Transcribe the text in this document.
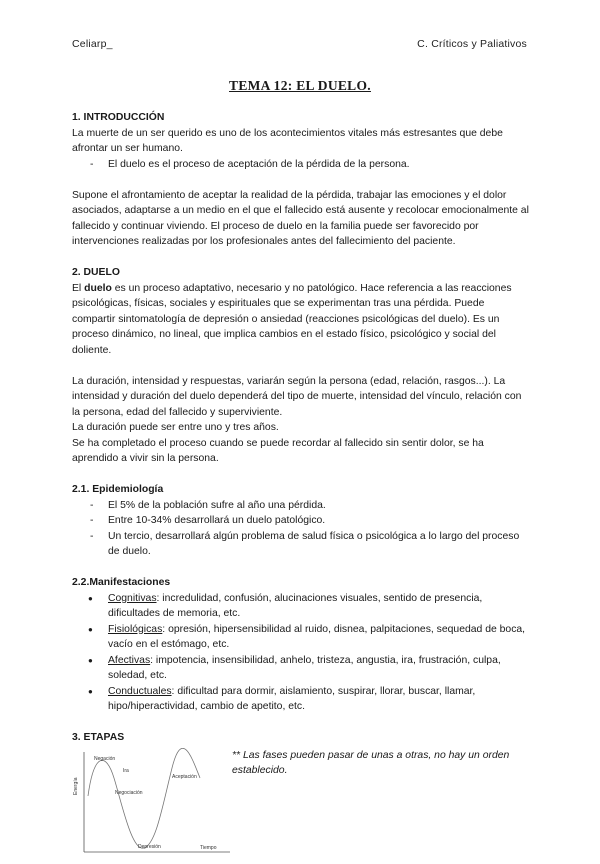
Celiarp_	C. Críticos y Paliativos
TEMA 12: EL DUELO.

1. INTRODUCCIÓN

La muerte de un ser querido es uno de los acontecimientos vitales más estresantes que debe afrontar un ser humano.

- El duelo es el proceso de aceptación de la pérdida de la persona.

Supone el afrontamiento de aceptar la realidad de la pérdida, trabajar las emociones y el dolor asociados, adaptarse a un medio en el que el fallecido está ausente y recolocar emocionalmente al fallecido y continuar viviendo. El proceso de duelo en la familia puede ser favorecido por intervenciones realizadas por los profesionales antes del fallecimiento del paciente.

2. DUELO

El duelo es un proceso adaptativo, necesario y no patológico. Hace referencia a las reacciones psicológicas, físicas, sociales y espirituales que se experimentan tras una pérdida. Puede compartir sintomatología de depresión o ansiedad (reacciones psicológicas del duelo). Es un proceso dinámico, no lineal, que implica cambios en el estado físico, psicológico y social del doliente.

La duración, intensidad y respuestas, variarán según la persona (edad, relación, rasgos...). La intensidad y duración del duelo dependerá del tipo de muerte, intensidad del vínculo, relación con la persona, edad del fallecido y superviviente.

La duración puede ser entre uno y tres años.

Se ha completado el proceso cuando se puede recordar al fallecido sin sentir dolor, se ha aprendido a vivir sin la persona.

2.1. Epidemiología

- El 5% de la población sufre al año una pérdida.
- Entre 10-34% desarrollará un duelo patológico.
- Un tercio, desarrollará algún problema de salud física o psicológica a lo largo del proceso de duelo.

2.2.Manifestaciones

● Cognitivas: incredulidad, confusión, alucinaciones visuales, sentido de presencia, dificultades de memoria, etc.
● Fisiológicas: opresión, hipersensibilidad al ruido, disnea, palpitaciones, sequedad de boca, vacío en el estómago, etc.
● Afectivas: impotencia, insensibilidad, anhelo, tristeza, angustia, ira, frustración, culpa, soledad, etc.
● Conductuales: dificultad para dormir, aislamiento, suspirar, llorar, buscar, llamar, hipo/hiperactividad, cambio de apetito, etc.

3. ETAPAS

Energía
Tiempo
Negación
Ira
Negociación
Depresión
Aceptación
** Las fases pueden pasar de unas a otras, no hay un orden establecido.
